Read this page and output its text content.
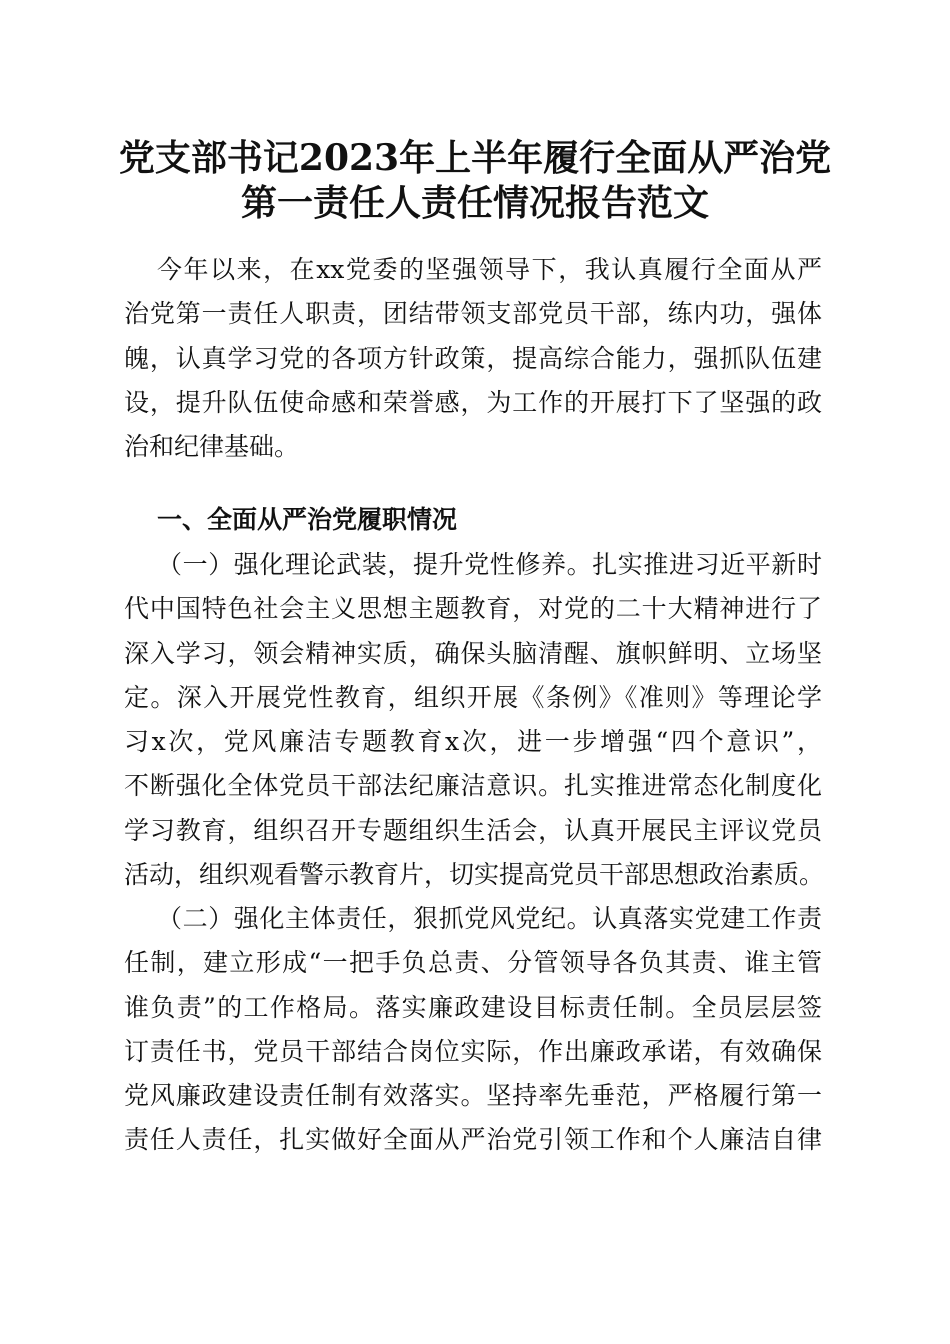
党支部书记2023年上半年履行全面从严治党
第一责任人责任情况报告范文
今年以来，在xx党委的坚强领导下，我认真履行全面从严
治党第一责任人职责，团结带领支部党员干部，练内功，强体
魄，认真学习党的各项方针政策，提高综合能力，强抓队伍建
设，提升队伍使命感和荣誉感，为工作的开展打下了坚强的政
治和纪律基础。
一、全面从严治党履职情况
（一）强化理论武装，提升党性修养。扎实推进习近平新时
代中国特色社会主义思想主题教育，对党的二十大精神进行了
深入学习，领会精神实质，确保头脑清醒、旗帜鲜明、立场坚
定。深入开展党性教育，组织开展《条例》《准则》等理论学
习x次，党风廉洁专题教育x次，进一步增强“四个意识”，
不断强化全体党员干部法纪廉洁意识。扎实推进常态化制度化
学习教育，组织召开专题组织生活会，认真开展民主评议党员
活动，组织观看警示教育片，切实提高党员干部思想政治素质。
（二）强化主体责任，狠抓党风党纪。认真落实党建工作责
任制，建立形成“一把手负总责、分管领导各负其责、谁主管
谁负责”的工作格局。落实廉政建设目标责任制。全员层层签
订责任书，党员干部结合岗位实际，作出廉政承诺，有效确保
党风廉政建设责任制有效落实。坚持率先垂范，严格履行第一
责任人责任，扎实做好全面从严治党引领工作和个人廉洁自律
